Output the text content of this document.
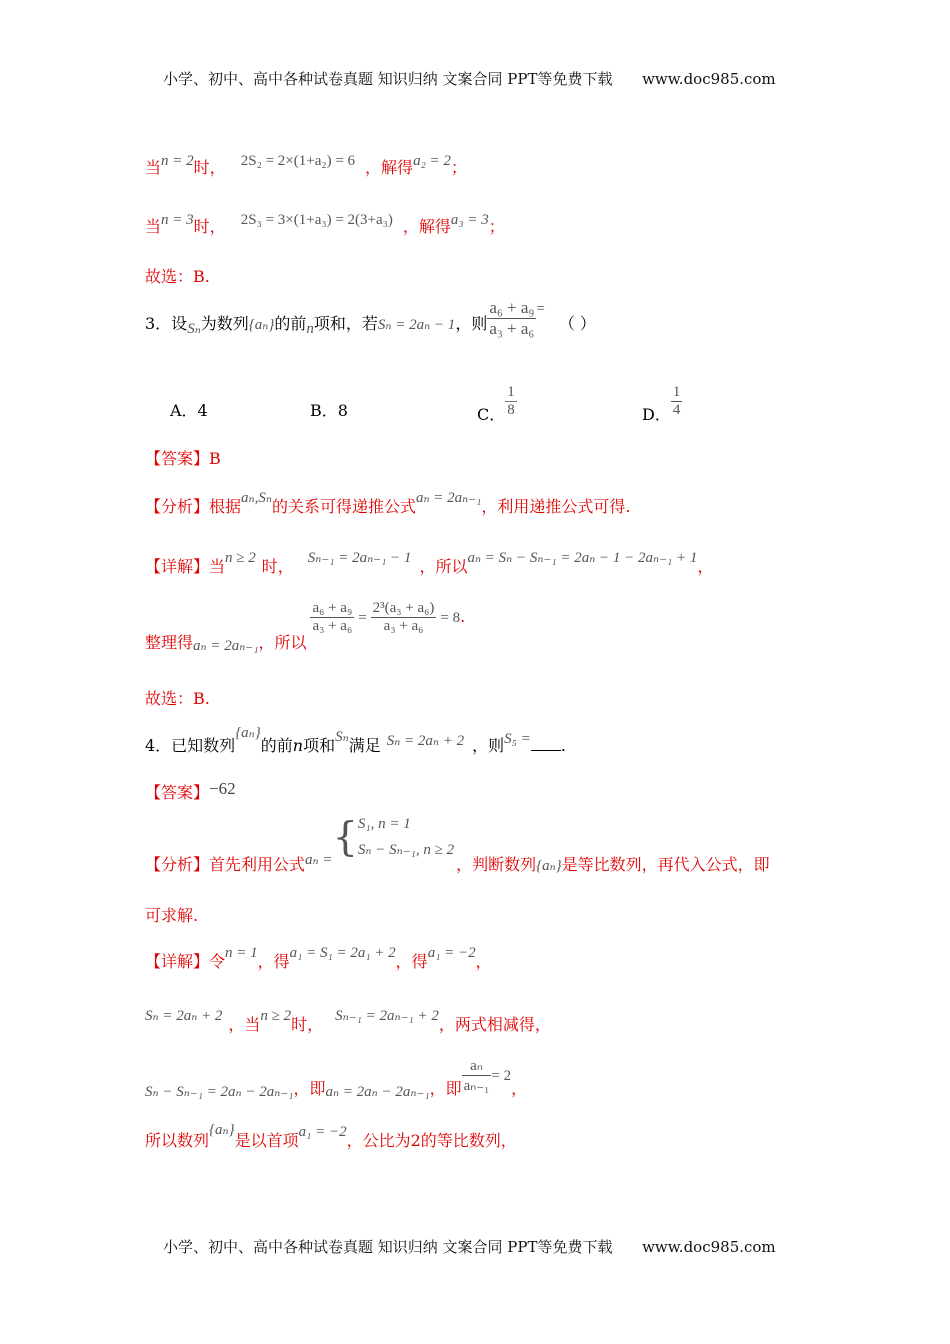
小学、初中、高中各种试卷真题 知识归纳 文案合同 PPT等免费下载 www.doc985.com
当n = 2时， 2S₂ = 2×(1+a₂) = 6 ，解得a₂ = 2；
当n = 3时， 2S₃ = 3×(1+a₃) = 2(3+a₃) ，解得a₃ = 3；
故选：B.
3．设Sₙ为数列{aₙ}的前n项和，若Sₙ = 2aₙ − 1，则 $\frac{\text{a₆ + a₉}}{\text{a₃ + a₆}}$ =（ ）
A．4	B．8	C． $\frac{1}{8}$	D． $\frac{1}{4}$
【答案】B
【分析】根据aₙ,Sₙ的关系可得递推公式aₙ = 2aₙ₋₁，利用递推公式可得.
【详解】当n ≥ 2 时， Sₙ₋₁ = 2aₙ₋₁ − 1 ，所以aₙ = Sₙ − Sₙ₋₁ = 2aₙ − 1 − 2aₙ₋₁ + 1，
整理得aₙ = 2aₙ₋₁，所以
$\frac{\text{a₆ + a₉}}{\text{a₃ + a₆}} = \frac{\text{2³(a₃ + a₆)}}{\text{a₃ + a₆}} = 8$.
故选：B.
4．已知数列{aₙ}的前n项和Sₙ满足 Sₙ = 2aₙ + 2 ，则S₅ = .
【答案】−62
【分析】首先利用公式aₙ ={ S₁, n = 1
Sₙ − Sₙ₋₁, n ≥ 2
，判断数列{aₙ}是等比数列，再代入公式，即
可求解.
【详解】令n = 1，得a₁ = S₁ = 2a₁ + 2，得a₁ = −2，
Sₙ = 2aₙ + 2 ，当n ≥ 2时， Sₙ₋₁ = 2aₙ₋₁ + 2，两式相减得，
Sₙ − Sₙ₋₁ = 2aₙ − 2aₙ₋₁，即aₙ = 2aₙ − 2aₙ₋₁，即 $\frac{\text{aₙ}}{\text{aₙ₋₁}} = 2$，
所以数列{aₙ}是以首项a₁ = −2，公比为2的等比数列，
小学、初中、高中各种试卷真题 知识归纳 文案合同 PPT等免费下载 www.doc985.com
